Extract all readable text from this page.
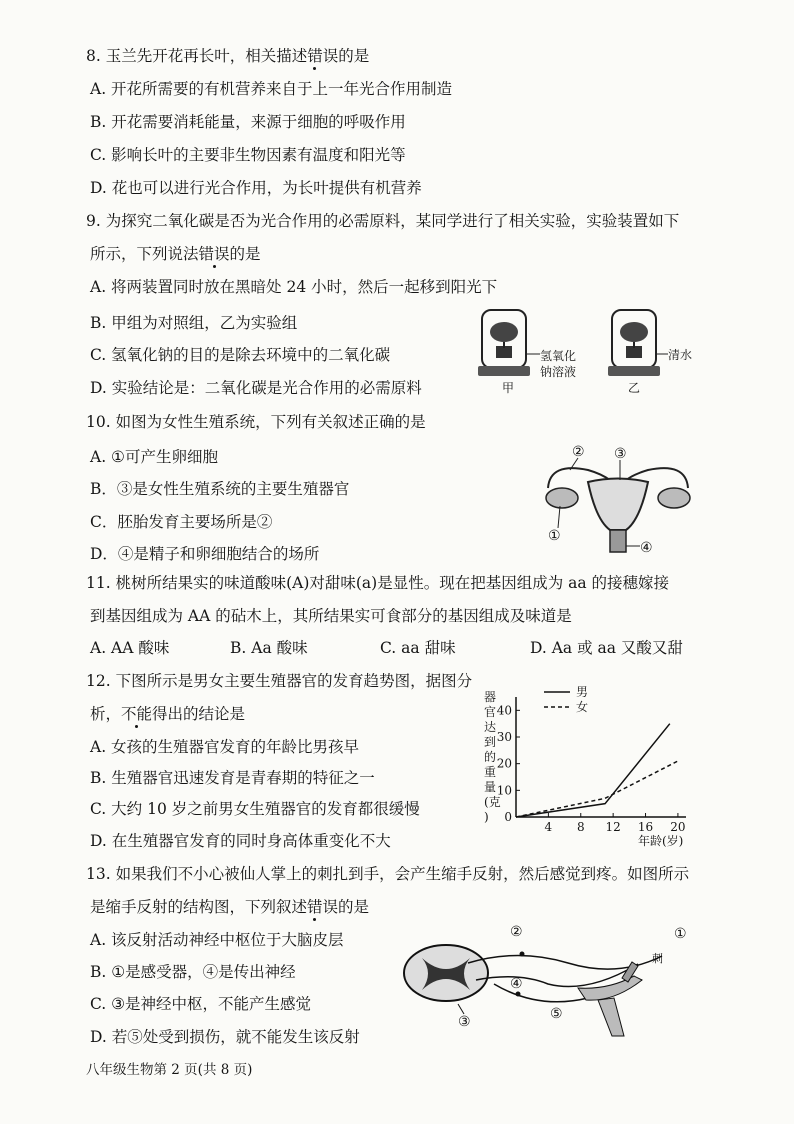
8. 玉兰先开花再长叶，相关描述错误的是
A. 开花所需要的有机营养来自于上一年光合作用制造
B. 开花需要消耗能量，来源于细胞的呼吸作用
C. 影响长叶的主要非生物因素有温度和阳光等
D. 花也可以进行光合作用，为长叶提供有机营养
9. 为探究二氧化碳是否为光合作用的必需原料，某同学进行了相关实验，实验装置如下
所示，下列说法错误的是
A. 将两装置同时放在黑暗处 24 小时，然后一起移到阳光下
B. 甲组为对照组，乙为实验组
C. 氢氧化钠的目的是除去环境中的二氧化碳
D. 实验结论是：二氧化碳是光合作用的必需原料
氢氧化
钠溶液
甲
清水
乙
10. 如图为女性生殖系统，下列有关叙述正确的是
A. ①可产生卵细胞
B．③是女性生殖系统的主要生殖器官
C．胚胎发育主要场所是②
D．④是精子和卵细胞结合的场所
② ③
①
④
11. 桃树所结果实的味道酸味(A)对甜味(a)是显性。现在把基因组成为 aa 的接穗嫁接
到基因组成为 AA 的砧木上，其所结果实可食部分的基因组成及味道是
A. AA 酸味	B. Aa 酸味	C. aa 甜味	D. Aa 或 aa 又酸又甜
12. 下图所示是男女主要生殖器官的发育趋势图，据图分
析，不能得出的结论是
A. 女孩的生殖器官发育的年龄比男孩早
B. 生殖器官迅速发育是青春期的特征之一
C. 大约 10 岁之前男女生殖器官的发育都很缓慢
D. 在生殖器官发育的同时身高体重变化不大
器
官
达
到
的
重
量
(克
) 0
10
20
30
40
4 8 12 16 20
年龄(岁)
男
女
13. 如果我们不小心被仙人掌上的刺扎到手，会产生缩手反射，然后感觉到疼。如图所示
是缩手反射的结构图，下列叙述错误的是
A. 该反射活动神经中枢位于大脑皮层
B. ①是感受器，④是传出神经
C. ③是神经中枢，不能产生感觉
D. 若⑤处受到损伤，就不能发生该反射
③
②
④
⑤
①
刺
八年级生物第 2 页(共 8 页)
